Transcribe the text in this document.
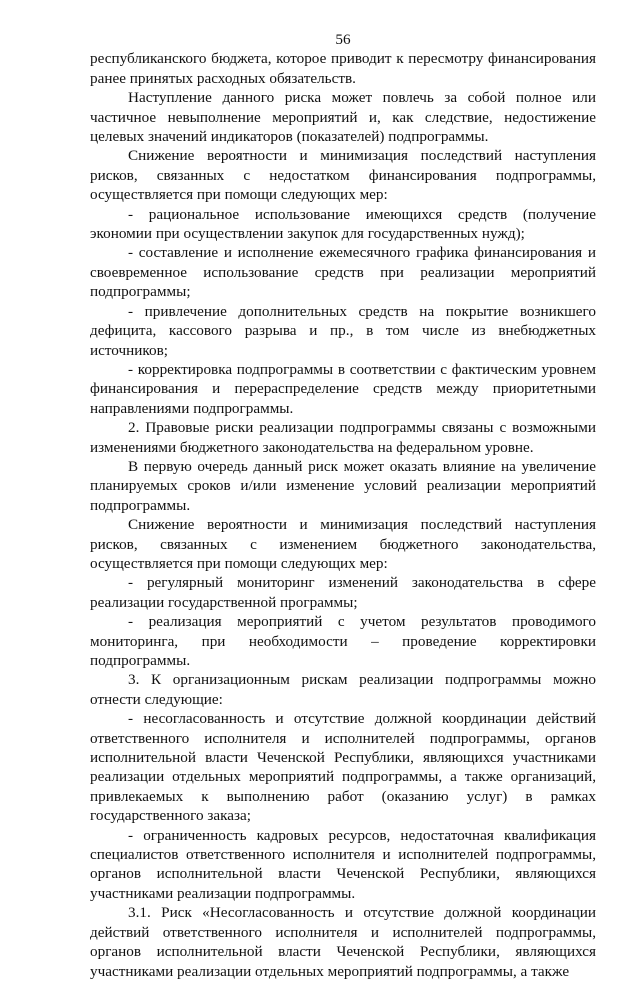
56

республиканского бюджета, которое приводит к пересмотру финансирования ранее принятых расходных обязательств.

Наступление данного риска может повлечь за собой полное или частичное невыполнение мероприятий и, как следствие, недостижение целевых значений индикаторов (показателей) подпрограммы.

Снижение вероятности и минимизация последствий наступления рисков, связанных с недостатком финансирования подпрограммы, осуществляется при помощи следующих мер:

- рациональное использование имеющихся средств (получение экономии при осуществлении закупок для государственных нужд);

- составление и исполнение ежемесячного графика финансирования и своевременное использование средств при реализации мероприятий подпрограммы;

- привлечение дополнительных средств на покрытие возникшего дефицита, кассового разрыва и пр., в том числе из внебюджетных источников;

- корректировка подпрограммы в соответствии с фактическим уровнем финансирования и перераспределение средств между приоритетными направлениями подпрограммы.

2. Правовые риски реализации подпрограммы связаны с возможными изменениями бюджетного законодательства на федеральном уровне.

В первую очередь данный риск может оказать влияние на увеличение планируемых сроков и/или изменение условий реализации мероприятий подпрограммы.

Снижение вероятности и минимизация последствий наступления рисков, связанных с изменением бюджетного законодательства, осуществляется при помощи следующих мер:

- регулярный мониторинг изменений законодательства в сфере реализации государственной программы;

- реализация мероприятий с учетом результатов проводимого мониторинга, при необходимости – проведение корректировки подпрограммы.

3. К организационным рискам реализации подпрограммы можно отнести следующие:

- несогласованность и отсутствие должной координации действий ответственного исполнителя и исполнителей подпрограммы, органов исполнительной власти Чеченской Республики, являющихся участниками реализации отдельных мероприятий подпрограммы, а также организаций, привлекаемых к выполнению работ (оказанию услуг) в рамках государственного заказа;

- ограниченность кадровых ресурсов, недостаточная квалификация специалистов ответственного исполнителя и исполнителей подпрограммы, органов исполнительной власти Чеченской Республики, являющихся участниками реализации подпрограммы.

3.1. Риск «Несогласованность и отсутствие должной координации действий ответственного исполнителя и исполнителей подпрограммы, органов исполнительной власти Чеченской Республики, являющихся участниками реализации отдельных мероприятий подпрограммы, а также
